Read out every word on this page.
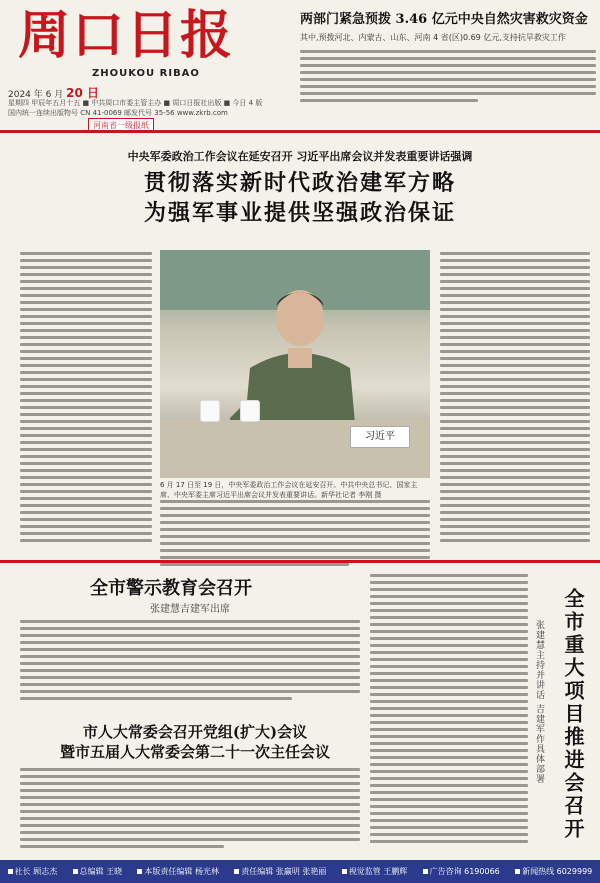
周口日报
ZHOUKOU RIBAO
2024 年 6 月 20 日
星期四 甲辰年五月十五 ■ 中共周口市委主管主办 ■ 周口日报社出版 ■ 今日 4 版
国内统一连续出版物号 CN 41-0069 邮发代号 35-56 www.zkrb.com
河南省一级报纸
两部门紧急预拨 3.46 亿元中央自然灾害救灾资金
其中,预拨河北、内蒙古、山东、河南 4 省(区)0.69 亿元,支持抗旱救灾工作
中央军委政治工作会议在延安召开 习近平出席会议并发表重要讲话强调
贯彻落实新时代政治建军方略
为强军事业提供坚强政治保证
习近平
6 月 17 日至 19 日，中央军委政治工作会议在延安召开。中共中央总书记、国家主席、中央军委主席习近平出席会议并发表重要讲话。新华社记者 李刚 摄
全市警示教育会召开
张建慧吉建军出席
市人大常委会召开党组(扩大)会议
暨市五届人大常委会第二十一次主任会议	张建慧主持并讲话 吉建军作具体部署 全市重大项目推进会召开
社长 顾志杰	总编辑 王晓	本版责任编辑 杨光林	责任编辑 张赢明 张艳丽	视觉监管 王鹏辉	广告咨询 6190066	新闻热线 6029999
